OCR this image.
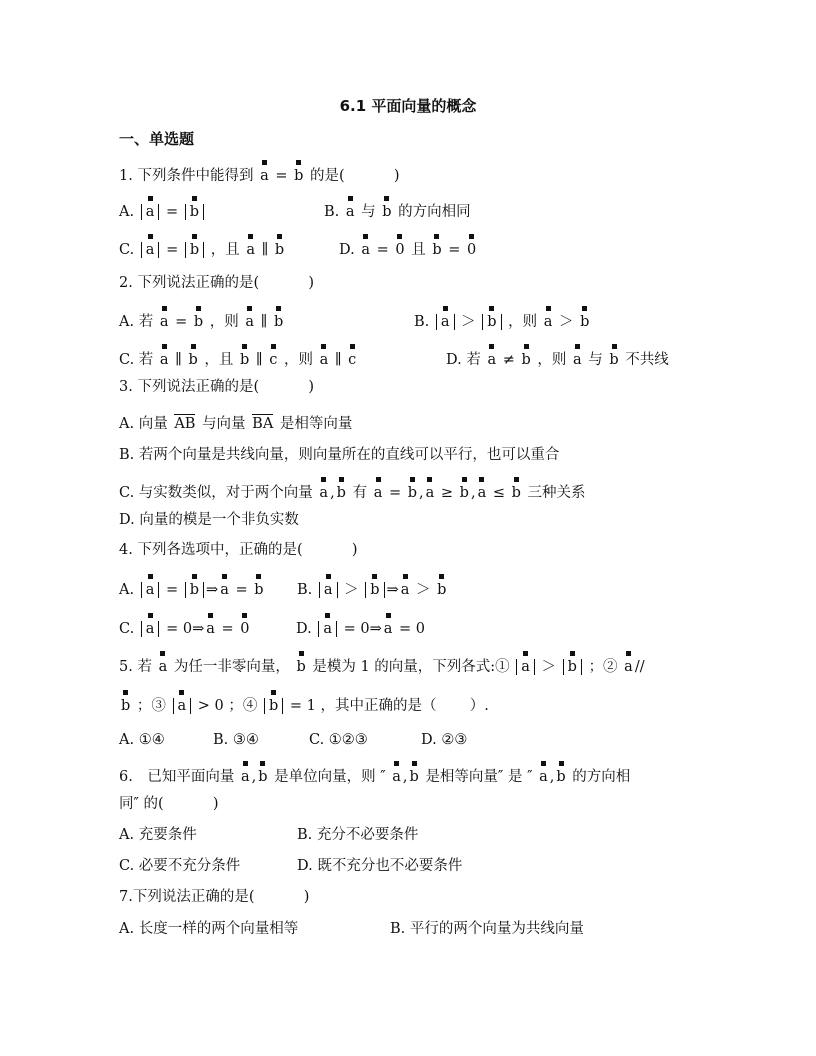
6.1 平面向量的概念
一、单选题
1. 下列条件中能得到 a = b 的是(	)
A. a = b	B. a 与 b 的方向相同
C. a = b ，且 a ∥ b	D. a = 0 且 b = 0
2. 下列说法正确的是(	)
A. 若 a = b ，则 a ∥ b	B. a ＞ b ，则 a ＞ b
C. 若 a ∥ b ，且 b ∥ c ，则 a ∥ c	D. 若 a ≠ b ，则 a 与 b 不共线
3. 下列说法正确的是(	)
A. 向量 AB 与向量 BA 是相等向量
B. 若两个向量是共线向量，则向量所在的直线可以平行，也可以重合
C. 与实数类似，对于两个向量 a , b 有 a = b , a ≥ b , a ≤ b 三种关系
D. 向量的模是一个非负实数
4. 下列各选项中，正确的是(	)
A. a = b ⇒ a = b B. a ＞ b ⇒ a ＞ b
C. a = 0⇒ a = 0	D. a = 0⇒ a = 0
5. 若 a 为任一非零向量， b 是模为 1 的向量，下列各式:① a ＞ b ；② a //
b ；③ a > 0 ；④ b = 1 ，其中正确的是（ ）.
A. ①④	B. ③④	C. ①②③	D. ②③
6.　已知平面向量 a , b 是单位向量，则 ″ a , b 是相等向量″ 是 ″ a , b 的方向相
同″ 的(	)
A. 充要条件	B. 充分不必要条件
C. 必要不充分条件	D. 既不充分也不必要条件
7.下列说法正确的是(	)
A. 长度一样的两个向量相等	B. 平行的两个向量为共线向量
